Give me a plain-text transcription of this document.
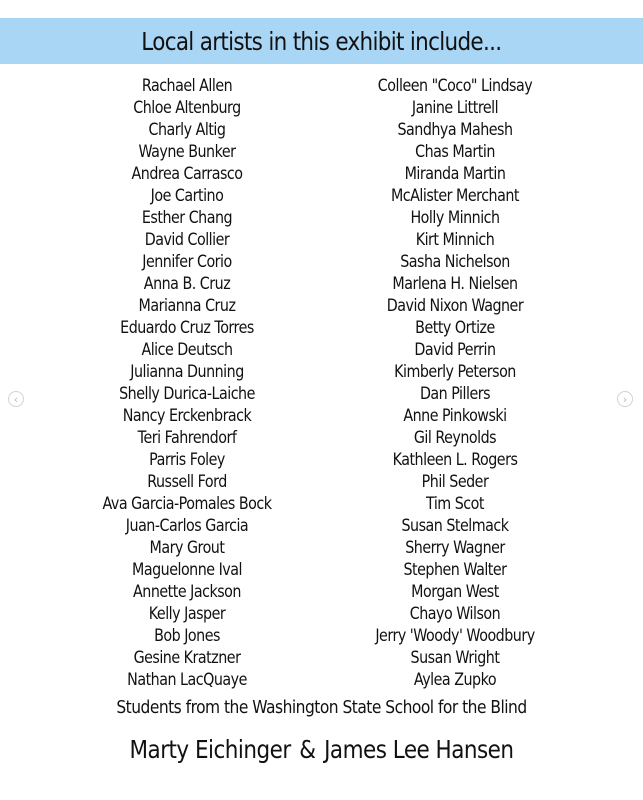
Local artists in this exhibit include...
Rachael Allen
Chloe Altenburg
Charly Altig
Wayne Bunker
Andrea Carrasco
Joe Cartino
Esther Chang
David Collier
Jennifer Corio
Anna B. Cruz
Marianna Cruz
Eduardo Cruz Torres
Alice Deutsch
Julianna Dunning
Shelly Durica-Laiche
Nancy Erckenbrack
Teri Fahrendorf
Parris Foley
Russell Ford
Ava Garcia-Pomales Bock
Juan-Carlos Garcia
Mary Grout
Maguelonne Ival
Annette Jackson
Kelly Jasper
Bob Jones
Gesine Kratzner
Nathan LacQuaye
Colleen "Coco" Lindsay
Janine Littrell
Sandhya Mahesh
Chas Martin
Miranda Martin
McAlister Merchant
Holly Minnich
Kirt Minnich
Sasha Nichelson
Marlena H. Nielsen
David Nixon Wagner
Betty Ortize
David Perrin
Kimberly Peterson
Dan Pillers
Anne Pinkowski
Gil Reynolds
Kathleen L. Rogers
Phil Seder
Tim Scot
Susan Stelmack
Sherry Wagner
Stephen Walter
Morgan West
Chayo Wilson
Jerry 'Woody' Woodbury
Susan Wright
Aylea Zupko
Students from the Washington State School for the Blind
Marty Eichinger & James Lee Hansen
‹	›
